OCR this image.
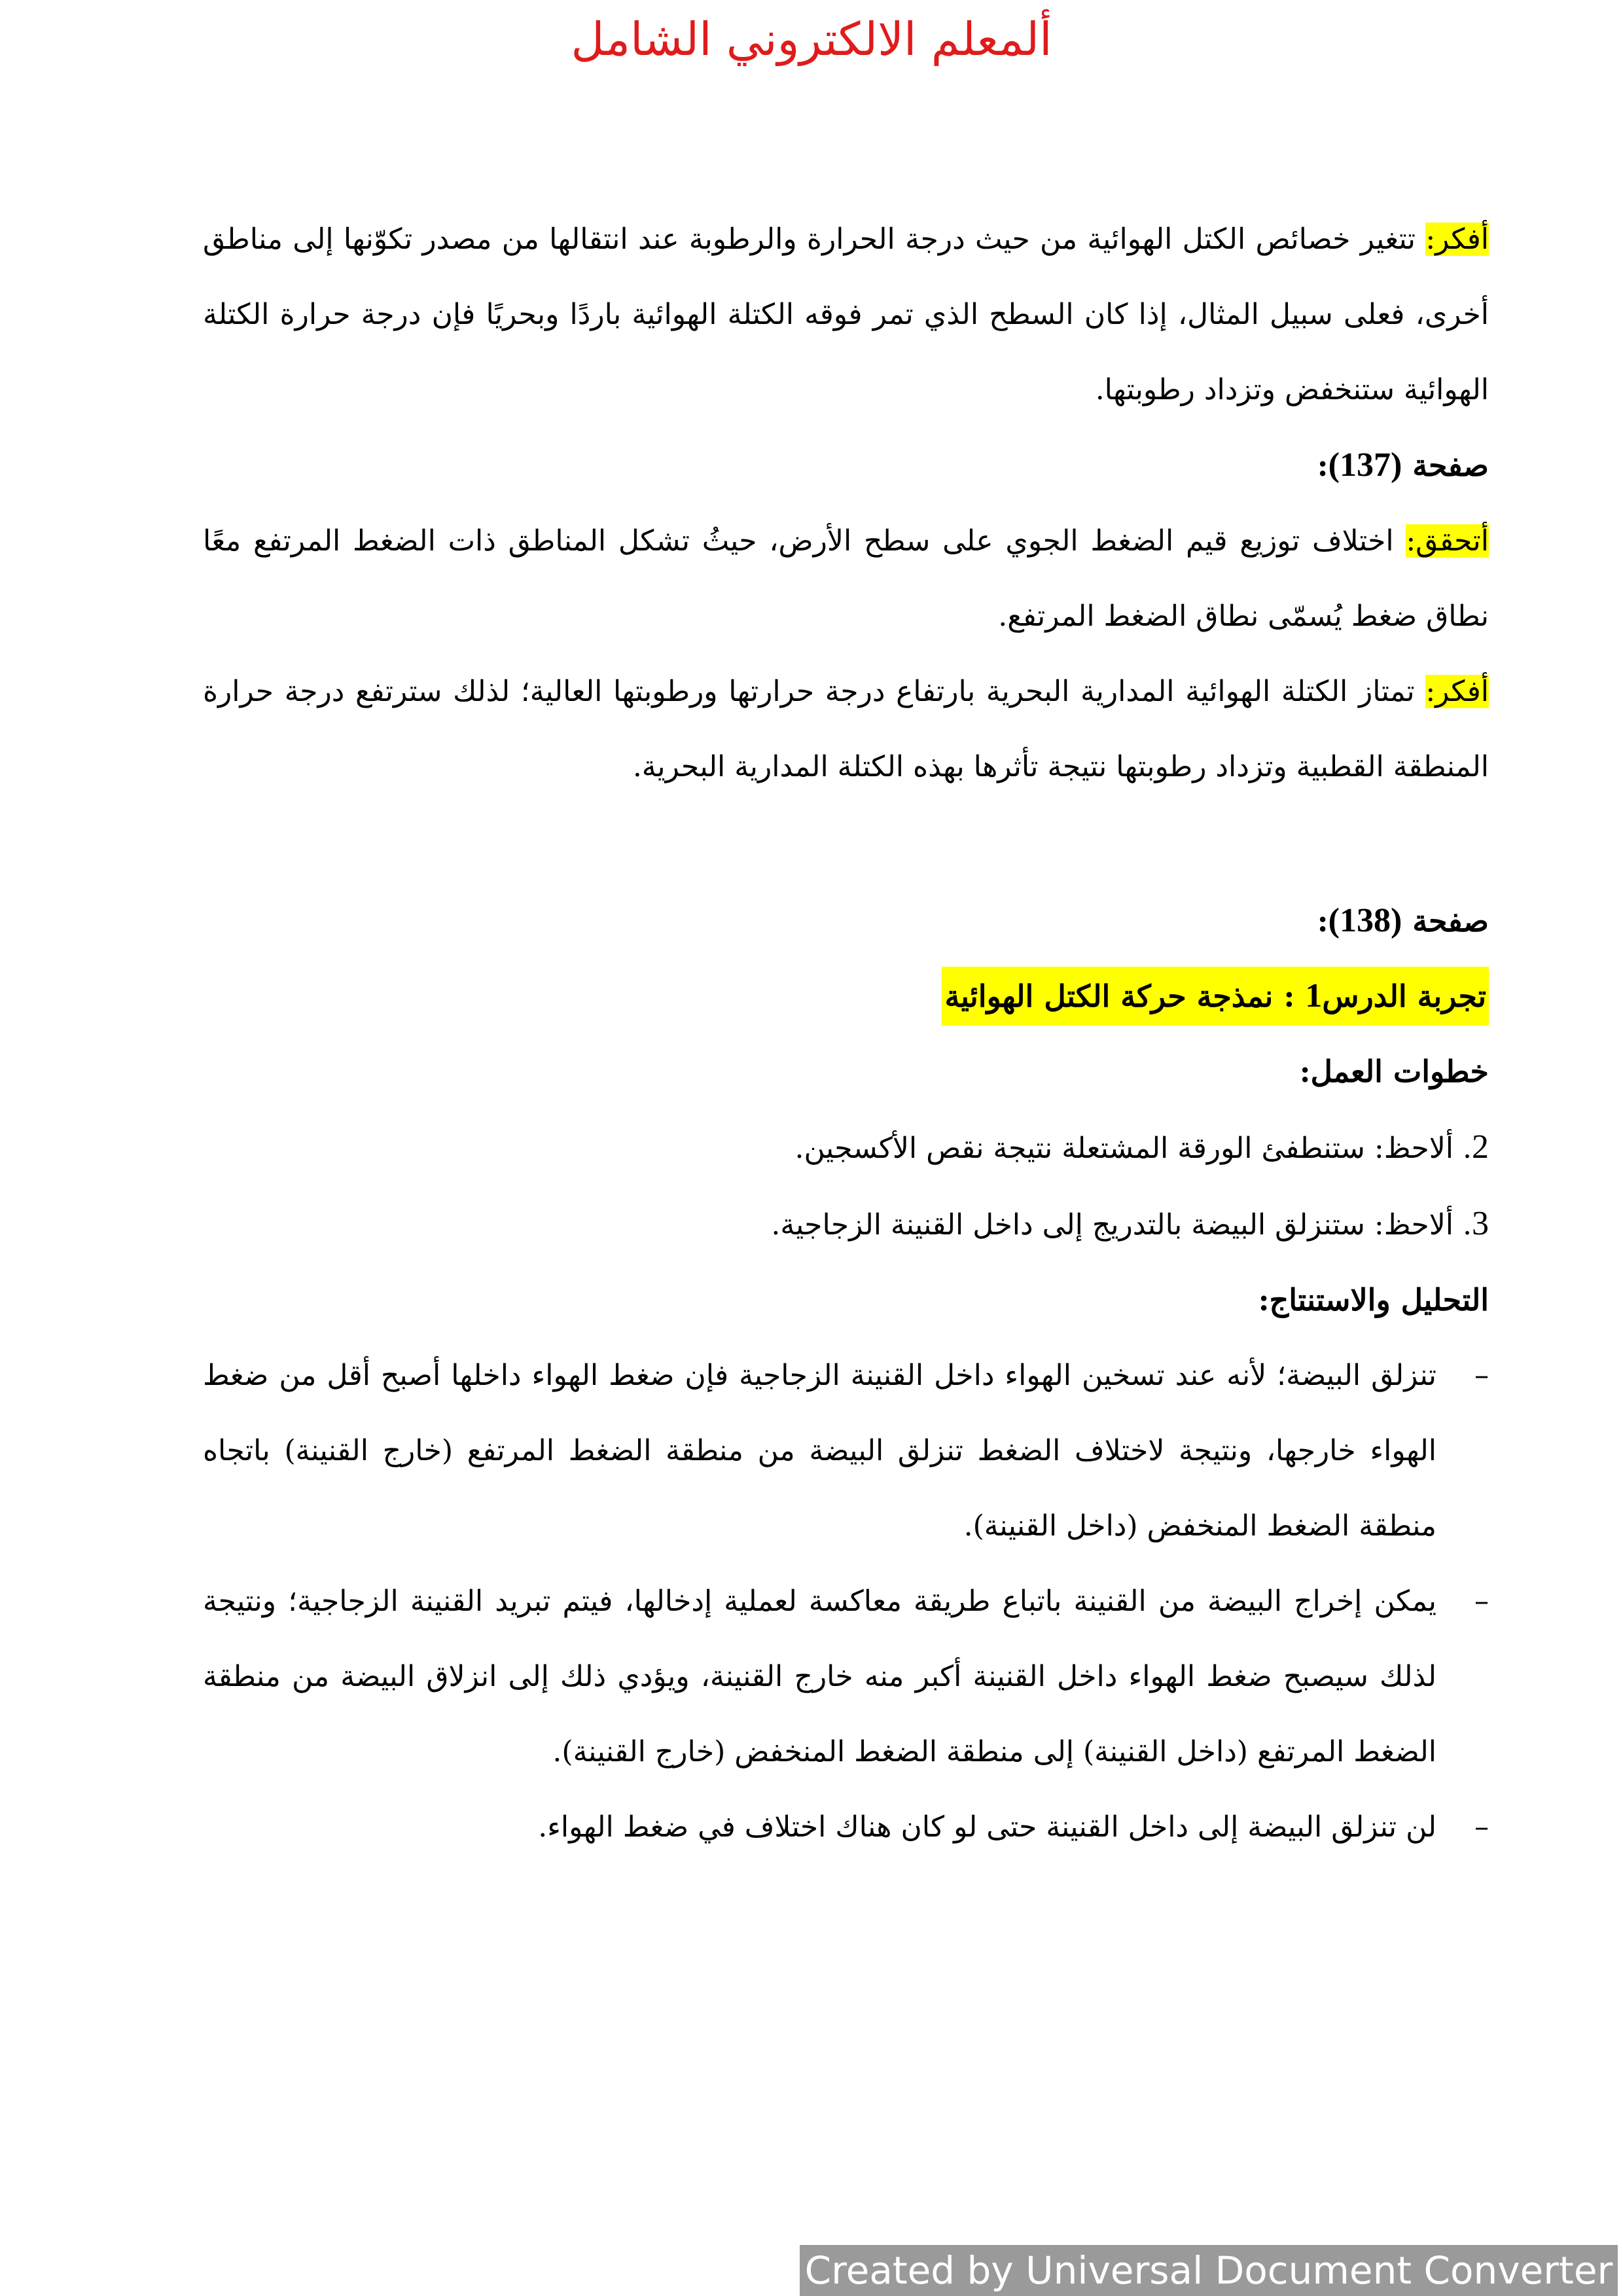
ألمعلم الالكتروني الشامل

أفكر: تتغير خصائص الكتل الهوائية من حيث درجة الحرارة والرطوبة عند انتقالها من مصدر تكوّنها إلى مناطق أخرى، فعلى سبيل المثال، إذا كان السطح الذي تمر فوقه الكتلة الهوائية باردًا وبحريًا فإن درجة حرارة الكتلة الهوائية ستنخفض وتزداد رطوبتها.

صفحة (137):

أتحقق: اختلاف توزيع قيم الضغط الجوي على سطح الأرض، حيثُ تشكل المناطق ذات الضغط المرتفع معًا نطاق ضغط يُسمّى نطاق الضغط المرتفع.

أفكر: تمتاز الكتلة الهوائية المدارية البحرية بارتفاع درجة حرارتها ورطوبتها العالية؛ لذلك سترتفع درجة حرارة المنطقة القطبية وتزداد رطوبتها نتيجة تأثرها بهذه الكتلة المدارية البحرية.

صفحة (138):

تجربة الدرس1 : نمذجة حركة الكتل الهوائية

خطوات العمل:

2. ألاحظ: ستنطفئ الورقة المشتعلة نتيجة نقص الأكسجين.
3. ألاحظ: ستنزلق البيضة بالتدريج إلى داخل القنينة الزجاجية.

التحليل والاستنتاج:

–
تنزلق البيضة؛ لأنه عند تسخين الهواء داخل القنينة الزجاجية فإن ضغط الهواء داخلها أصبح أقل من ضغط الهواء خارجها، ونتيجة لاختلاف الضغط تنزلق البيضة من منطقة الضغط المرتفع (خارج القنينة) باتجاه منطقة الضغط المنخفض (داخل القنينة).
–
يمكن إخراج البيضة من القنينة باتباع طريقة معاكسة لعملية إدخالها، فيتم تبريد القنينة الزجاجية؛ ونتيجة لذلك سيصبح ضغط الهواء داخل القنينة أكبر منه خارج القنينة، ويؤدي ذلك إلى انزلاق البيضة من منطقة الضغط المرتفع (داخل القنينة) إلى منطقة الضغط المنخفض (خارج القنينة).
–
لن تنزلق البيضة إلى داخل القنينة حتى لو كان هناك اختلاف في ضغط الهواء.
Created by Universal Document Converter
